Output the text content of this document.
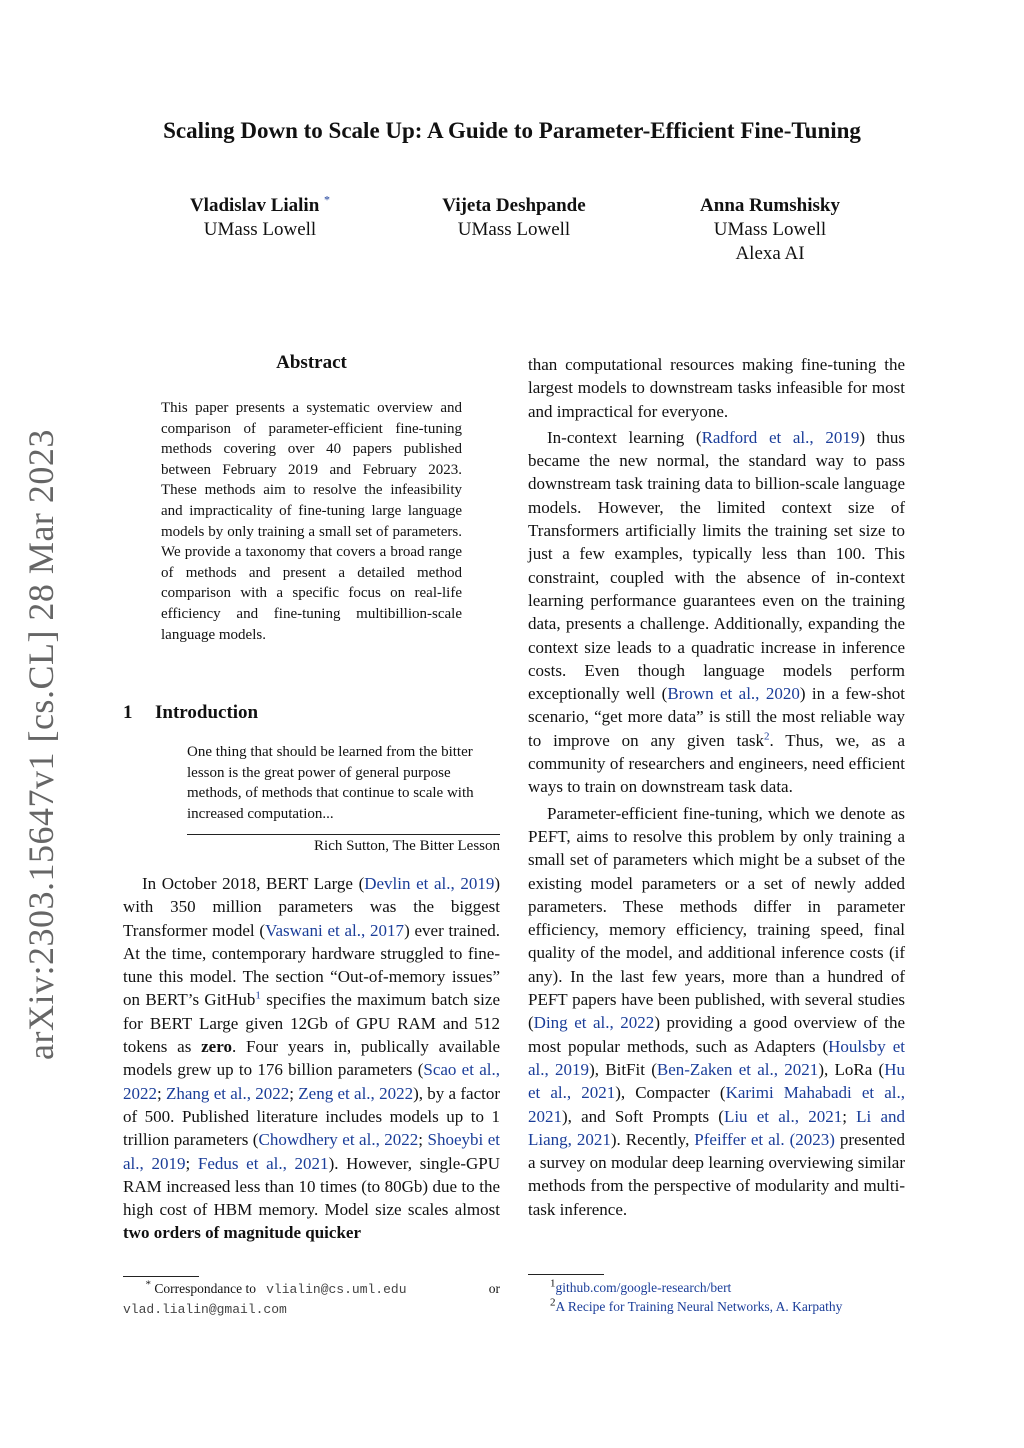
arXiv:2303.15647v1 [cs.CL] 28 Mar 2023
Scaling Down to Scale Up: A Guide to Parameter-Efficient Fine-Tuning
Vladislav Lialin *
UMass Lowell
Vijeta Deshpande
UMass Lowell
Anna Rumshisky
UMass Lowell
Alexa AI
Abstract
This paper presents a systematic overview and comparison of parameter-efficient fine-tuning methods covering over 40 papers published between February 2019 and February 2023. These methods aim to resolve the infeasibility and impracticality of fine-tuning large language models by only training a small set of parameters. We provide a taxonomy that covers a broad range of methods and present a detailed method comparison with a specific focus on real-life efficiency and fine-tuning multibillion-scale language models.
1 Introduction
One thing that should be learned from the bitter lesson is the great power of general purpose methods, of methods that continue to scale with increased computation...
Rich Sutton, The Bitter Lesson

In October 2018, BERT Large (Devlin et al., 2019) with 350 million parameters was the biggest Transformer model (Vaswani et al., 2017) ever trained. At the time, contemporary hardware struggled to fine-tune this model. The section “Out-of-memory issues” on BERT’s GitHub$^1$ specifies the maximum batch size for BERT Large given 12Gb of GPU RAM and 512 tokens as zero. Four years in, publically available models grew up to 176 billion parameters (Scao et al., 2022; Zhang et al., 2022; Zeng et al., 2022), by a factor of 500. Published literature includes models up to 1 trillion parameters (Chowdhery et al., 2022; Shoeybi et al., 2019; Fedus et al., 2021). However, single-GPU RAM increased less than 10 times (to 80Gb) due to the high cost of HBM memory. Model size scales almost two orders of magnitude quicker

* Correspondance to vlialin@cs.uml.edu	or

vlad.lialin@gmail.com

than computational resources making fine-tuning the largest models to downstream tasks infeasible for most and impractical for everyone.

In-context learning (Radford et al., 2019) thus became the new normal, the standard way to pass downstream task training data to billion-scale language models. However, the limited context size of Transformers artificially limits the training set size to just a few examples, typically less than 100. This constraint, coupled with the absence of in-context learning performance guarantees even on the training data, presents a challenge. Additionally, expanding the context size leads to a quadratic increase in inference costs. Even though language models perform exceptionally well (Brown et al., 2020) in a few-shot scenario, “get more data” is still the most reliable way to improve on any given task$^2$. Thus, we, as a community of researchers and engineers, need efficient ways to train on downstream task data.

Parameter-efficient fine-tuning, which we denote as PEFT, aims to resolve this problem by only training a small set of parameters which might be a subset of the existing model parameters or a set of newly added parameters. These methods differ in parameter efficiency, memory efficiency, training speed, final quality of the model, and additional inference costs (if any). In the last few years, more than a hundred of PEFT papers have been published, with several studies (Ding et al., 2022) providing a good overview of the most popular methods, such as Adapters (Houlsby et al., 2019), BitFit (Ben-Zaken et al., 2021), LoRa (Hu et al., 2021), Compacter (Karimi Mahabadi et al., 2021), and Soft Prompts (Liu et al., 2021; Li and Liang, 2021). Recently, Pfeiffer et al. (2023) presented a survey on modular deep learning overviewing similar methods from the perspective of modularity and multi-task inference.

$^1$github.com/google-research/bert
$^2$A Recipe for Training Neural Networks, A. Karpathy
